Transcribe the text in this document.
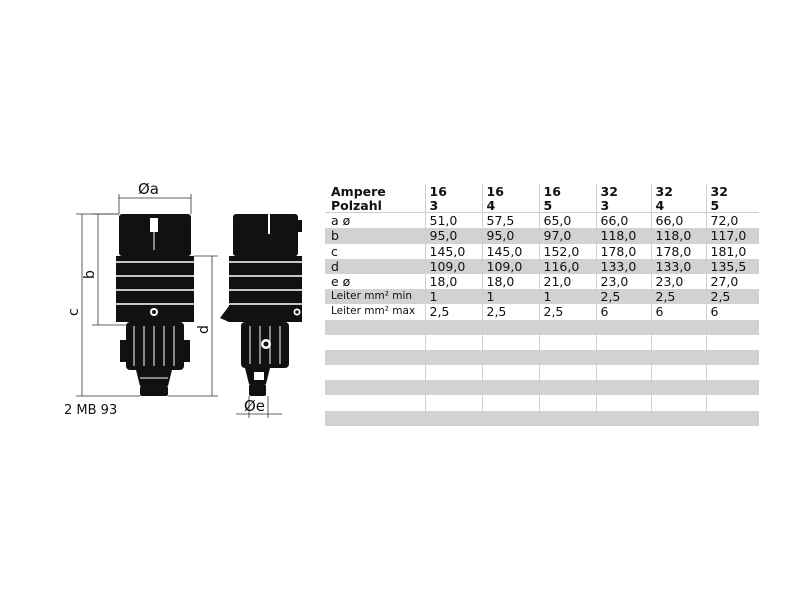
Øa
b
c
d
Øe
2 MB 93
Ampere	16	16	16	32	32	32
Polzahl	3	4	5	3	4	5
a ø	51,0	57,5	65,0	66,0	66,0	72,0
b	95,0	95,0	97,0	118,0	118,0	117,0
c	145,0	145,0	152,0	178,0	178,0	181,0
d	109,0	109,0	116,0	133,0	133,0	135,5
e ø	18,0	18,0	21,0	23,0	23,0	27,0
Leiter mm² min	1	1	1	2,5	2,5	2,5
Leiter mm² max	2,5	2,5	2,5	6	6	6
